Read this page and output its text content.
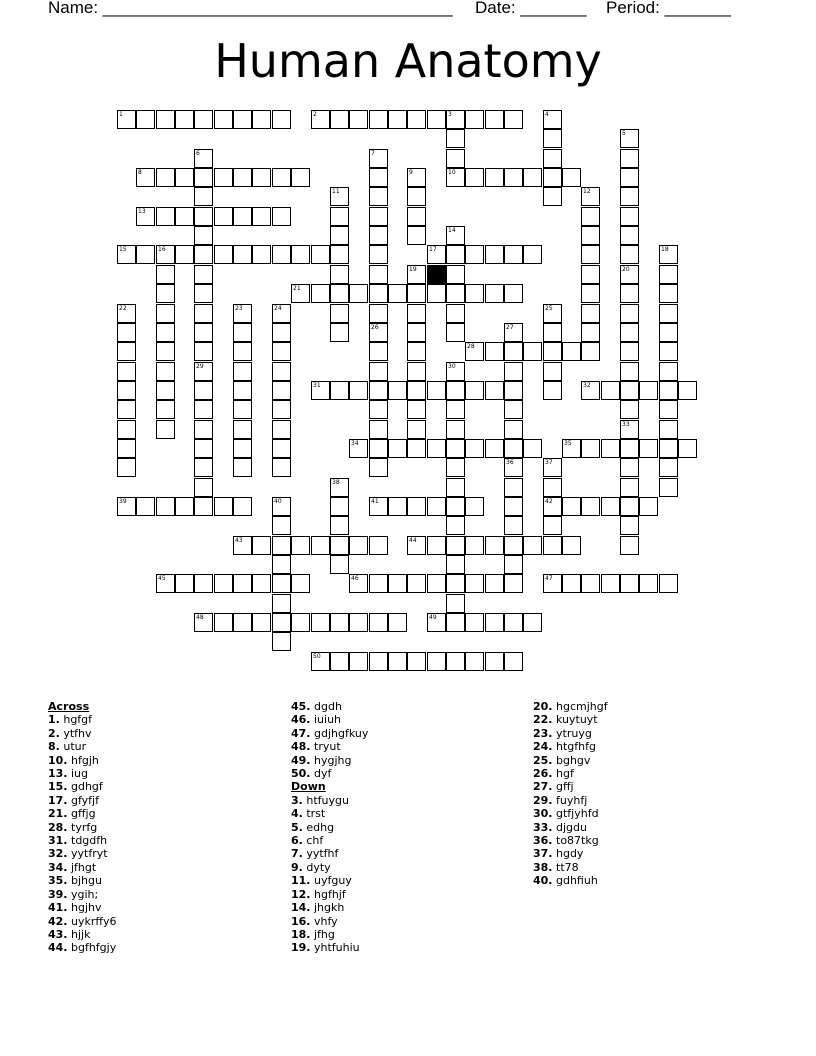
Name: _____________________________________ Date: _______ Period: _______
Human Anatomy
1	2	3
8	10
13
15	16	17
21
28
31	32
34	35
39	41	42
43	44
45	46	47
48	49
50
4
5
6	7
9
11	12
14
18
19	20
33
22	23	24	25
26	27
29	30
36	37
38
40
Across
1. hgfgf
2. ytfhv
8. utur
10. hfgjh
13. iug
15. gdhgf
17. gfyfjf
21. gffjg
28. tyrfg
31. tdgdfh
32. yytfryt
34. jfhgt
35. bjhgu
39. ygih;
41. hgjhv
42. uykrffy6
43. hjjk
44. bgfhfgjy
45. dgdh
46. iuiuh
47. gdjhgfkuy
48. tryut
49. hygjhg
50. dyf
Down
3. htfuygu
4. trst
5. edhg
6. chf
7. yytfhf
9. dyty
11. uyfguy
12. hgfhjf
14. jhgkh
16. vhfy
18. jfhg
19. yhtfuhiu
20. hgcmjhgf
22. kuytuyt
23. ytruyg
24. htgfhfg
25. bghgv
26. hgf
27. gffj
29. fuyhfj
30. gtfjyhfd
33. djgdu
36. to87tkg
37. hgdy
38. tt78
40. gdhfiuh
